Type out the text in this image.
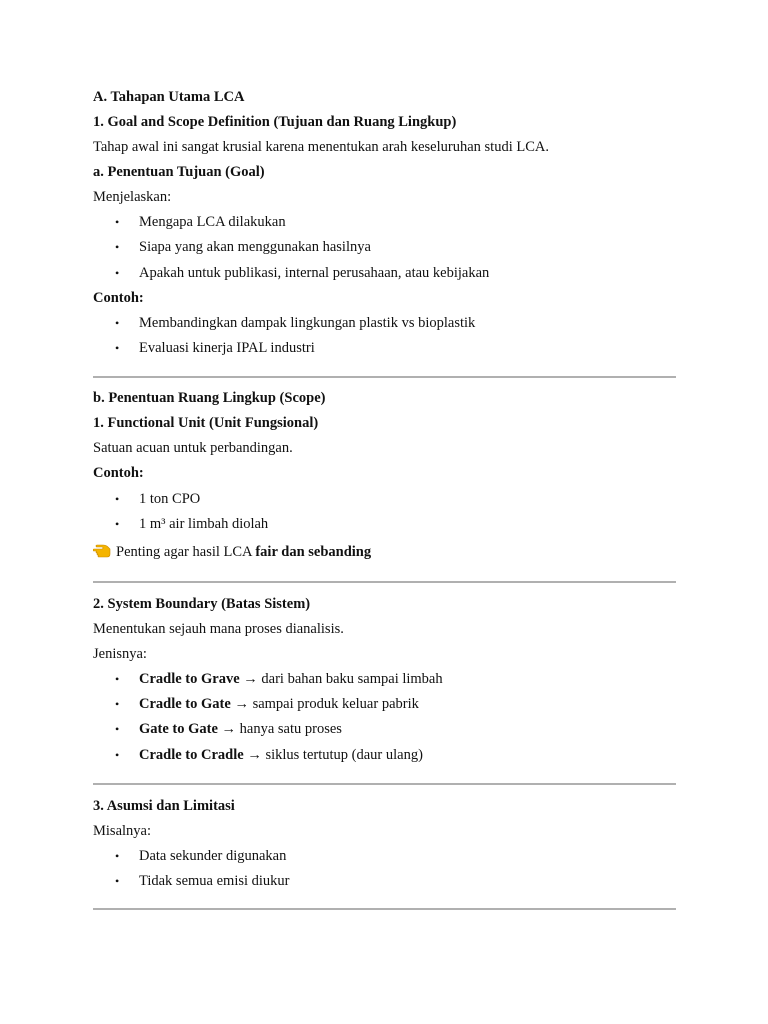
A. Tahapan Utama LCA
1. Goal and Scope Definition (Tujuan dan Ruang Lingkup)
Tahap awal ini sangat krusial karena menentukan arah keseluruhan studi LCA.
a. Penentuan Tujuan (Goal)
Menjelaskan:
• Mengapa LCA dilakukan
• Siapa yang akan menggunakan hasilnya
• Apakah untuk publikasi, internal perusahaan, atau kebijakan
Contoh:
• Membandingkan dampak lingkungan plastik vs bioplastik
• Evaluasi kinerja IPAL industri
b. Penentuan Ruang Lingkup (Scope)
1. Functional Unit (Unit Fungsional)
Satuan acuan untuk perbandingan.
Contoh:
• 1 ton CPO
• 1 m³ air limbah diolah
Penting agar hasil LCA fair dan sebanding
2. System Boundary (Batas Sistem)
Menentukan sejauh mana proses dianalisis.
Jenisnya:
• Cradle to Grave → dari bahan baku sampai limbah
• Cradle to Gate → sampai produk keluar pabrik
• Gate to Gate → hanya satu proses
• Cradle to Cradle → siklus tertutup (daur ulang)
3. Asumsi dan Limitasi
Misalnya:
• Data sekunder digunakan
• Tidak semua emisi diukur
